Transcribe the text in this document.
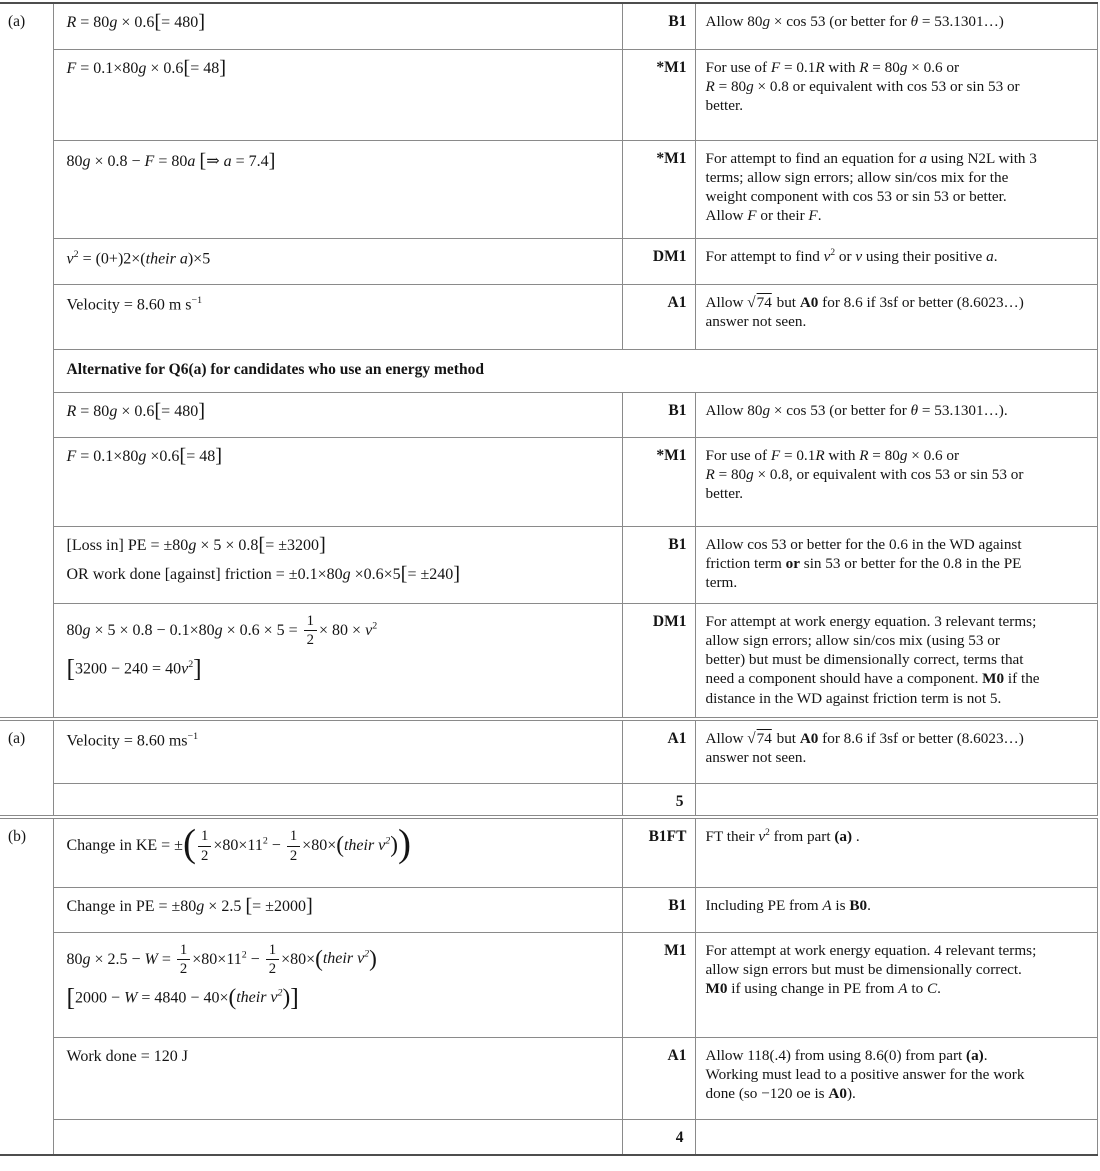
(a)	R = 80g × 0.6[= 480]	B1	Allow 80g × cos 53 (or better for θ = 53.1301…)
	F = 0.1×80g × 0.6[= 48]	*M1	For use of F = 0.1R with R = 80g × 0.6 or
R = 80g × 0.8 or equivalent with cos 53 or sin 53 or
better.
	80g × 0.8 − F = 80a [⇒ a = 7.4]	*M1	For attempt to find an equation for a using N2L with 3
terms; allow sign errors; allow sin/cos mix for the
weight component with cos 53 or sin 53 or better.
Allow F or their F.
	$v^2$ = (0+)2×(their a)×5	DM1	For attempt to find $v^2$ or v using their positive a.
	Velocity = 8.60 m $s^{-1}$	A1	Allow √74 but A0 for 8.6 if 3sf or better (8.6023…)
answer not seen.
	Alternative for Q6(a) for candidates who use an energy method		
	R = 80g × 0.6[= 480]	B1	Allow 80g × cos 53 (or better for θ = 53.1301…).
	F = 0.1×80g ×0.6[= 48]	*M1	For use of F = 0.1R with R = 80g × 0.6 or
R = 80g × 0.8, or equivalent with cos 53 or sin 53 or
better.

	[Loss in] PE = ±80g × 5 × 0.8[= ±3200]
OR work done [against] friction = ±0.1×80g ×0.6×5[= ±240]	B1	Allow cos 53 or better for the 0.6 in the WD against
friction term or sin 53 or better for the 0.8 in the PE
term.

$80g \times 5 \times 0.8 - 0.1\times 80g \times 0.6 \times 5 = \frac{1}{2} \times 80 \times v^2$
$[3200 - 240 = 40v^2]$
	DM1	For attempt at work energy equation. 3 relevant terms;
allow sign errors; allow sin/cos mix (using 53 or
better) but must be dimensionally correct, terms that
need a component should have a component. M0 if the
distance in the WD against friction term is not 5.
(a)	Velocity = 8.60 $ms^{-1}$	A1	Allow √74 but A0 for 8.6 if 3sf or better (8.6023…)
answer not seen.
		5	
(b)	Change in KE = ±( $\frac{1}{2} \times 80\times 11^2 - \frac{1}{2}$ ×80×(their $v^2$))	B1FT	FT their $v^2$ from part (a) .
	Change in PE = ±80g × 2.5 [= ±2000]	B1	Including PE from A is B0.

$80g \times 2.5 - W = \frac{1}{2} \times 80\times 11^2 - \frac{1}{2}$ ×80×(their $v^2$)
[2000 − W = 4840 − 40×(their $v^2$)]
	M1	For attempt at work energy equation. 4 relevant terms;
allow sign errors but must be dimensionally correct.
M0 if using change in PE from A to C.
	Work done = 120 J	A1	Allow 118(.4) from using 8.6(0) from part (a).
Working must lead to a positive answer for the work
done (so −120 oe is A0).
		4	
